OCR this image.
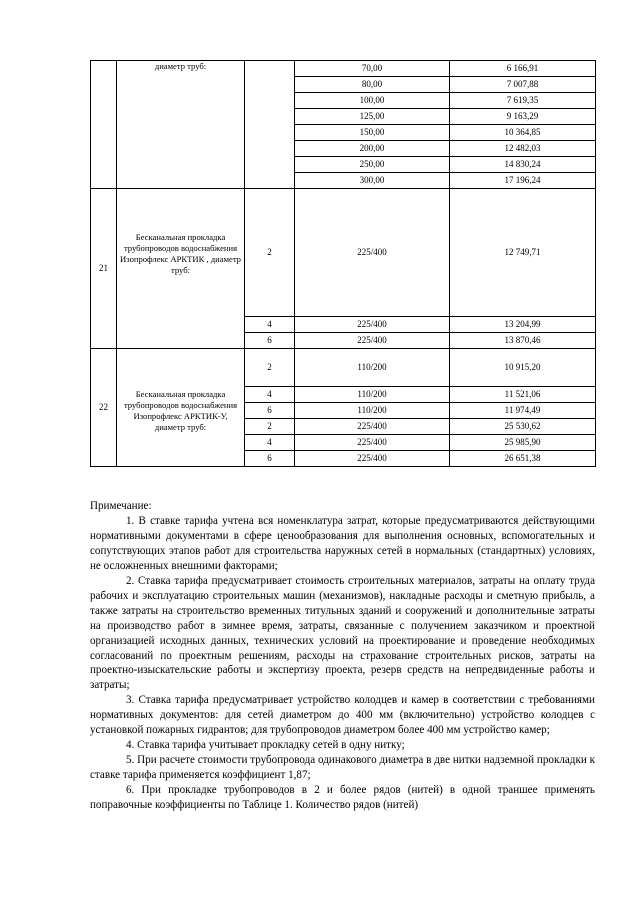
	диаметр труб:		70,00	6 166,91
			80,00	7 007,88
			100,00	7 619,35
			125,00	9 163,29
			150,00	10 364,85
			200,00	12 482,03
			250,00	14 830,24
			300,00	17 196,24
21	Бесканальная прокладка трубопроводов водоснабжения Изопрофлекс АРКТИК , диаметр труб:	2	225/400	12 749,71
		4	225/400	13 204,99
		6	225/400	13 870,46
22	Бесканальная прокладка трубопроводов водоснабжения Изопрофлекс АРКТИК-У, диаметр труб:	2	110/200	10 915,20
		4	110/200	11 521,06
		6	110/200	11 974,49
		2	225/400	25 530,62
		4	225/400	25 985,90
		6	225/400	26 651,38

Примечание:

1. В ставке тарифа учтена вся номенклатура затрат, которые предусматриваются действующими нормативными документами в сфере ценообразования для выполнения основных, вспомогательных и сопутствующих этапов работ для строительства наружных сетей в нормальных (стандартных) условиях, не осложненных внешними факторами;

2. Ставка тарифа предусматривает стоимость строительных материалов, затраты на оплату труда рабочих и эксплуатацию строительных машин (механизмов), накладные расходы и сметную прибыль, а также затраты на строительство временных титульных зданий и сооружений и дополнительные затраты на производство работ в зимнее время, затраты, связанные с получением заказчиком и проектной организацией исходных данных, технических условий на проектирование и проведение необходимых согласований по проектным решениям, расходы на страхование строительных рисков, затраты на проектно-изыскательские работы и экспертизу проекта, резерв средств на непредвиденные работы и затраты;

3. Ставка тарифа предусматривает устройство колодцев и камер в соответствии с требованиями нормативных документов: для сетей диаметром до 400 мм (включительно) устройство колодцев с установкой пожарных гидрантов; для трубопроводов диаметром более 400 мм устройство камер;

4. Ставка тарифа учитывает прокладку сетей в одну нитку;

5. При расчете стоимости трубопровода одинакового диаметра в две нитки надземной прокладки к ставке тарифа применяется коэффициент 1,87;

6. При прокладке трубопроводов в 2 и более рядов (нитей) в одной траншее применять поправочные коэффициенты по Таблице 1. Количество рядов (нитей)
